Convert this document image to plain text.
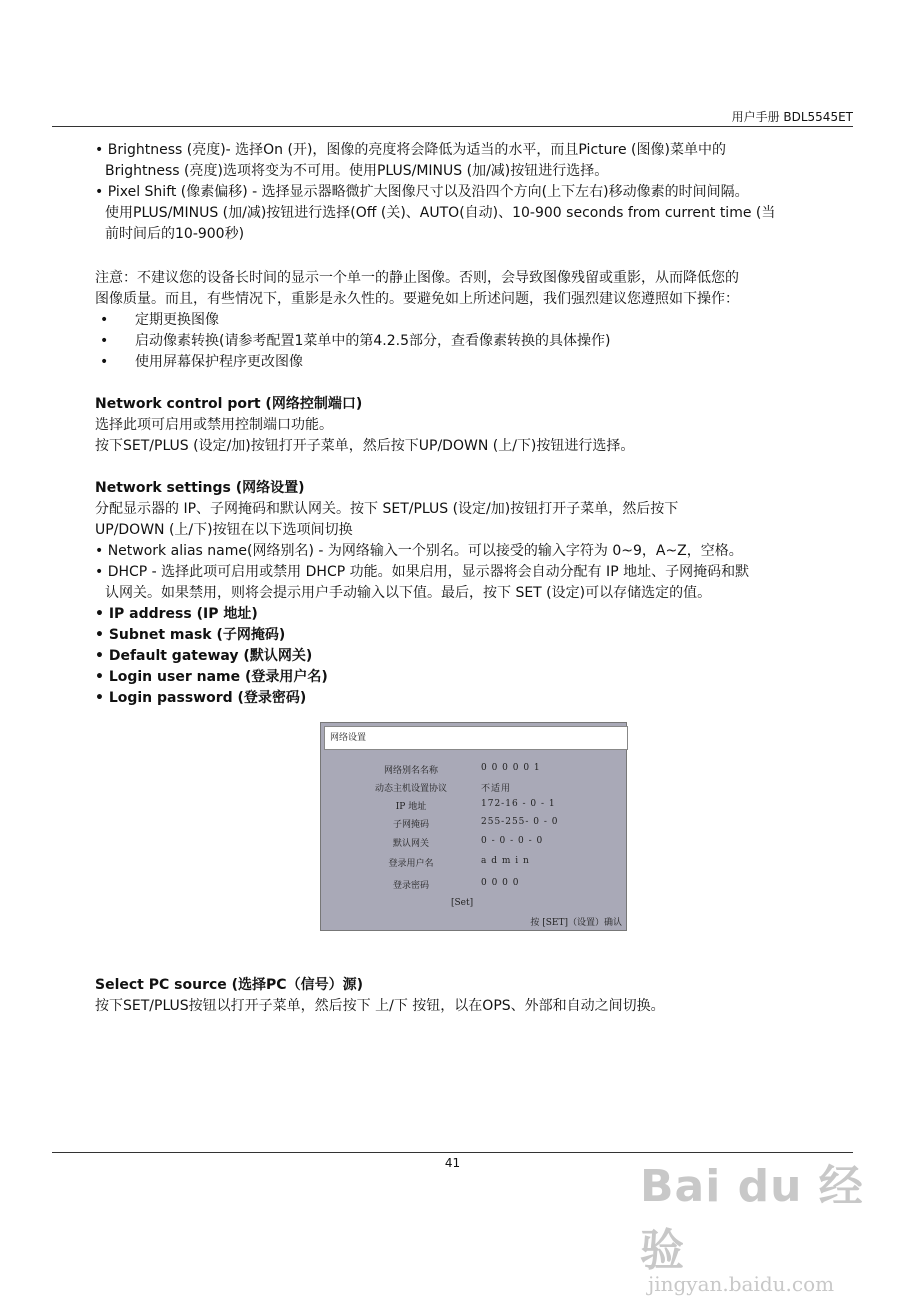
用户手册 BDL5545ET

• Brightness (亮度)- 选择On (开)，图像的亮度将会降低为适当的水平，而且Picture (图像)菜单中的

Brightness (亮度)选项将变为不可用。使用PLUS/MINUS (加/减)按钮进行选择。

• Pixel Shift (像素偏移) - 选择显示器略微扩大图像尺寸以及沿四个方向(上下左右)移动像素的时间间隔。

使用PLUS/MINUS (加/减)按钮进行选择(Off (关)、AUTO(自动)、10-900 seconds from current time (当

前时间后的10-900秒)

注意：不建议您的设备长时间的显示一个单一的静止图像。否则，会导致图像残留或重影，从而降低您的

图像质量。而且，有些情况下，重影是永久性的。要避免如上所述问题，我们强烈建议您遵照如下操作：

• 定期更换图像

• 启动像素转换(请参考配置1菜单中的第4.2.5部分，查看像素转换的具体操作)

• 使用屏幕保护程序更改图像

Network control port (网络控制端口)

选择此项可启用或禁用控制端口功能。

按下SET/PLUS (设定/加)按钮打开子菜单，然后按下UP/DOWN (上/下)按钮进行选择。

Network settings (网络设置)

分配显示器的 IP、子网掩码和默认网关。按下 SET/PLUS (设定/加)按钮打开子菜单，然后按下

UP/DOWN (上/下)按钮在以下选项间切换

• Network alias name(网络别名) - 为网络输入一个别名。可以接受的输入字符为 0~9，A~Z，空格。

• DHCP - 选择此项可启用或禁用 DHCP 功能。如果启用，显示器将会自动分配有 IP 地址、子网掩码和默

认网关。如果禁用，则将会提示用户手动输入以下值。最后，按下 SET (设定)可以存储选定的值。

• IP address (IP 地址)

• Subnet mask (子网掩码)

• Default gateway (默认网关)

• Login user name (登录用户名)

• Login password (登录密码)

网络设置
网络别名名称	0 0 0 0 0 1
动态主机设置协议	不适用
IP 地址	172-16 - 0 - 1
子网掩码	255-255- 0 - 0
默认网关	0 - 0 - 0 - 0
登录用户名	a d m i n
登录密码	0 0 0 0
[Set]
按 [SET]（设置）确认

Select PC source (选择PC（信号）源)

按下SET/PLUS按钮以打开子菜单，然后按下 上/下 按钮，以在OPS、外部和自动之间切换。

41	Bai du 经验
jingyan.baidu.com
